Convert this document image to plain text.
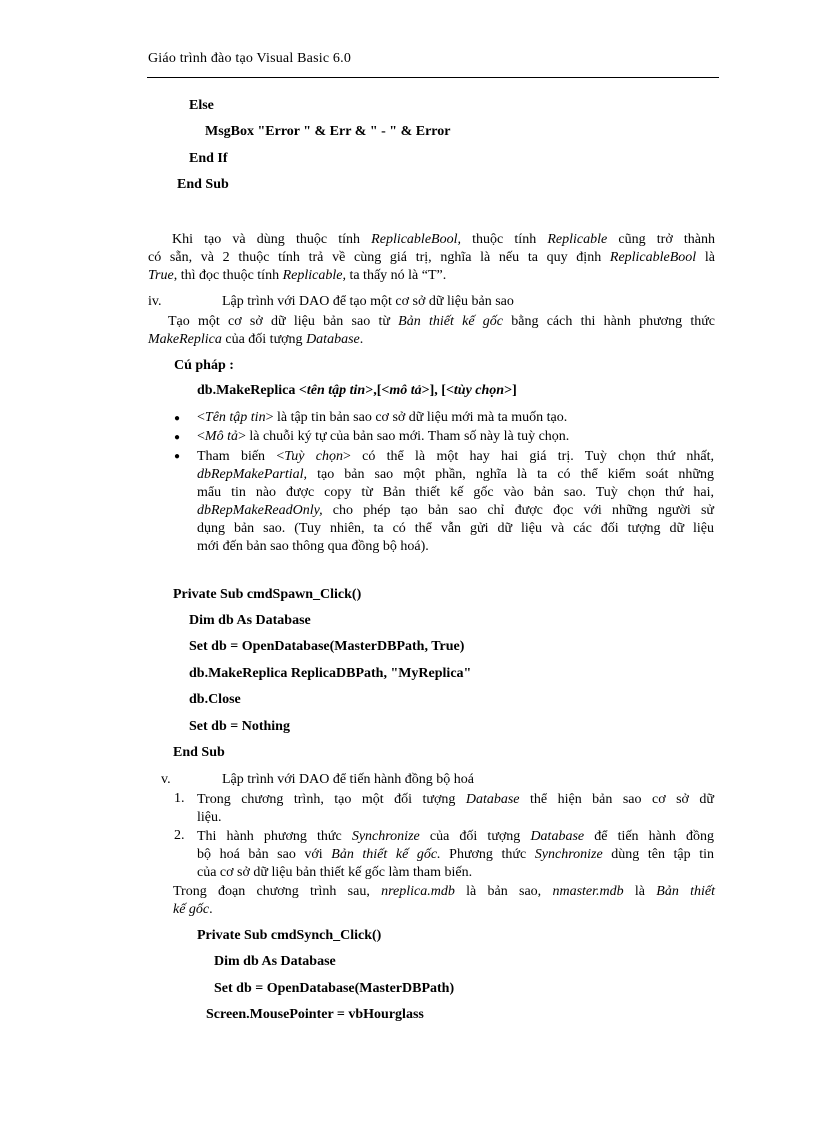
Giáo trình đào tạo Visual Basic 6.0
Else
MsgBox "Error " & Err & " - " & Error
End If
End Sub
Khi tạo và dùng thuộc tính ReplicableBool, thuộc tính Replicable cũng trở thành
có sẵn, và 2 thuộc tính trả về cùng giá trị, nghĩa là nếu ta quy định ReplicableBool là
True, thì đọc thuộc tính Replicable, ta thấy nó là “T”.
iv.	Lập trình với DAO để tạo một cơ sở dữ liệu bản sao
Tạo một cơ sở dữ liệu bản sao từ Bản thiết kế gốc bằng cách thi hành phương thức
MakeReplica của đối tượng Database.
Cú pháp :
db.MakeReplica <tên tập tin>,[<mô tả>], [<tùy chọn>]
● <Tên tập tin> là tập tin bản sao cơ sở dữ liệu mới mà ta muốn tạo.
● <Mô tả> là chuỗi ký tự của bản sao mới. Tham số này là tuỳ chọn.
● Tham biến <Tuỳ chọn> có thể là một hay hai giá trị. Tuỳ chọn thứ nhất,
dbRepMakePartial, tạo bản sao một phần, nghĩa là ta có thể kiểm soát những
mẩu tin nào được copy từ Bản thiết kế gốc vào bản sao. Tuỳ chọn thứ hai,
dbRepMakeReadOnly, cho phép tạo bản sao chỉ được đọc với những người sử
dụng bản sao. (Tuy nhiên, ta có thể vẫn gửi dữ liệu và các đối tượng dữ liệu
mới đến bản sao thông qua đồng bộ hoá).
Private Sub cmdSpawn_Click()
Dim db As Database
Set db = OpenDatabase(MasterDBPath, True)
db.MakeReplica ReplicaDBPath, "MyReplica"
db.Close
Set db = Nothing
End Sub
v.	Lập trình với DAO để tiến hành đồng bộ hoá
1. Trong chương trình, tạo một đối tượng Database thể hiện bản sao cơ sở dữ
liệu.
2. Thi hành phương thức Synchronize của đối tượng Database để tiến hành đồng
bộ hoá bản sao với Bản thiết kế gốc. Phương thức Synchronize dùng tên tập tin
của cơ sở dữ liệu bản thiết kế gốc làm tham biến.
Trong đoạn chương trình sau, nreplica.mdb là bản sao, nmaster.mdb là Bản thiết
kế gốc.
Private Sub cmdSynch_Click()
Dim db As Database
Set db = OpenDatabase(MasterDBPath)
Screen.MousePointer = vbHourglass
